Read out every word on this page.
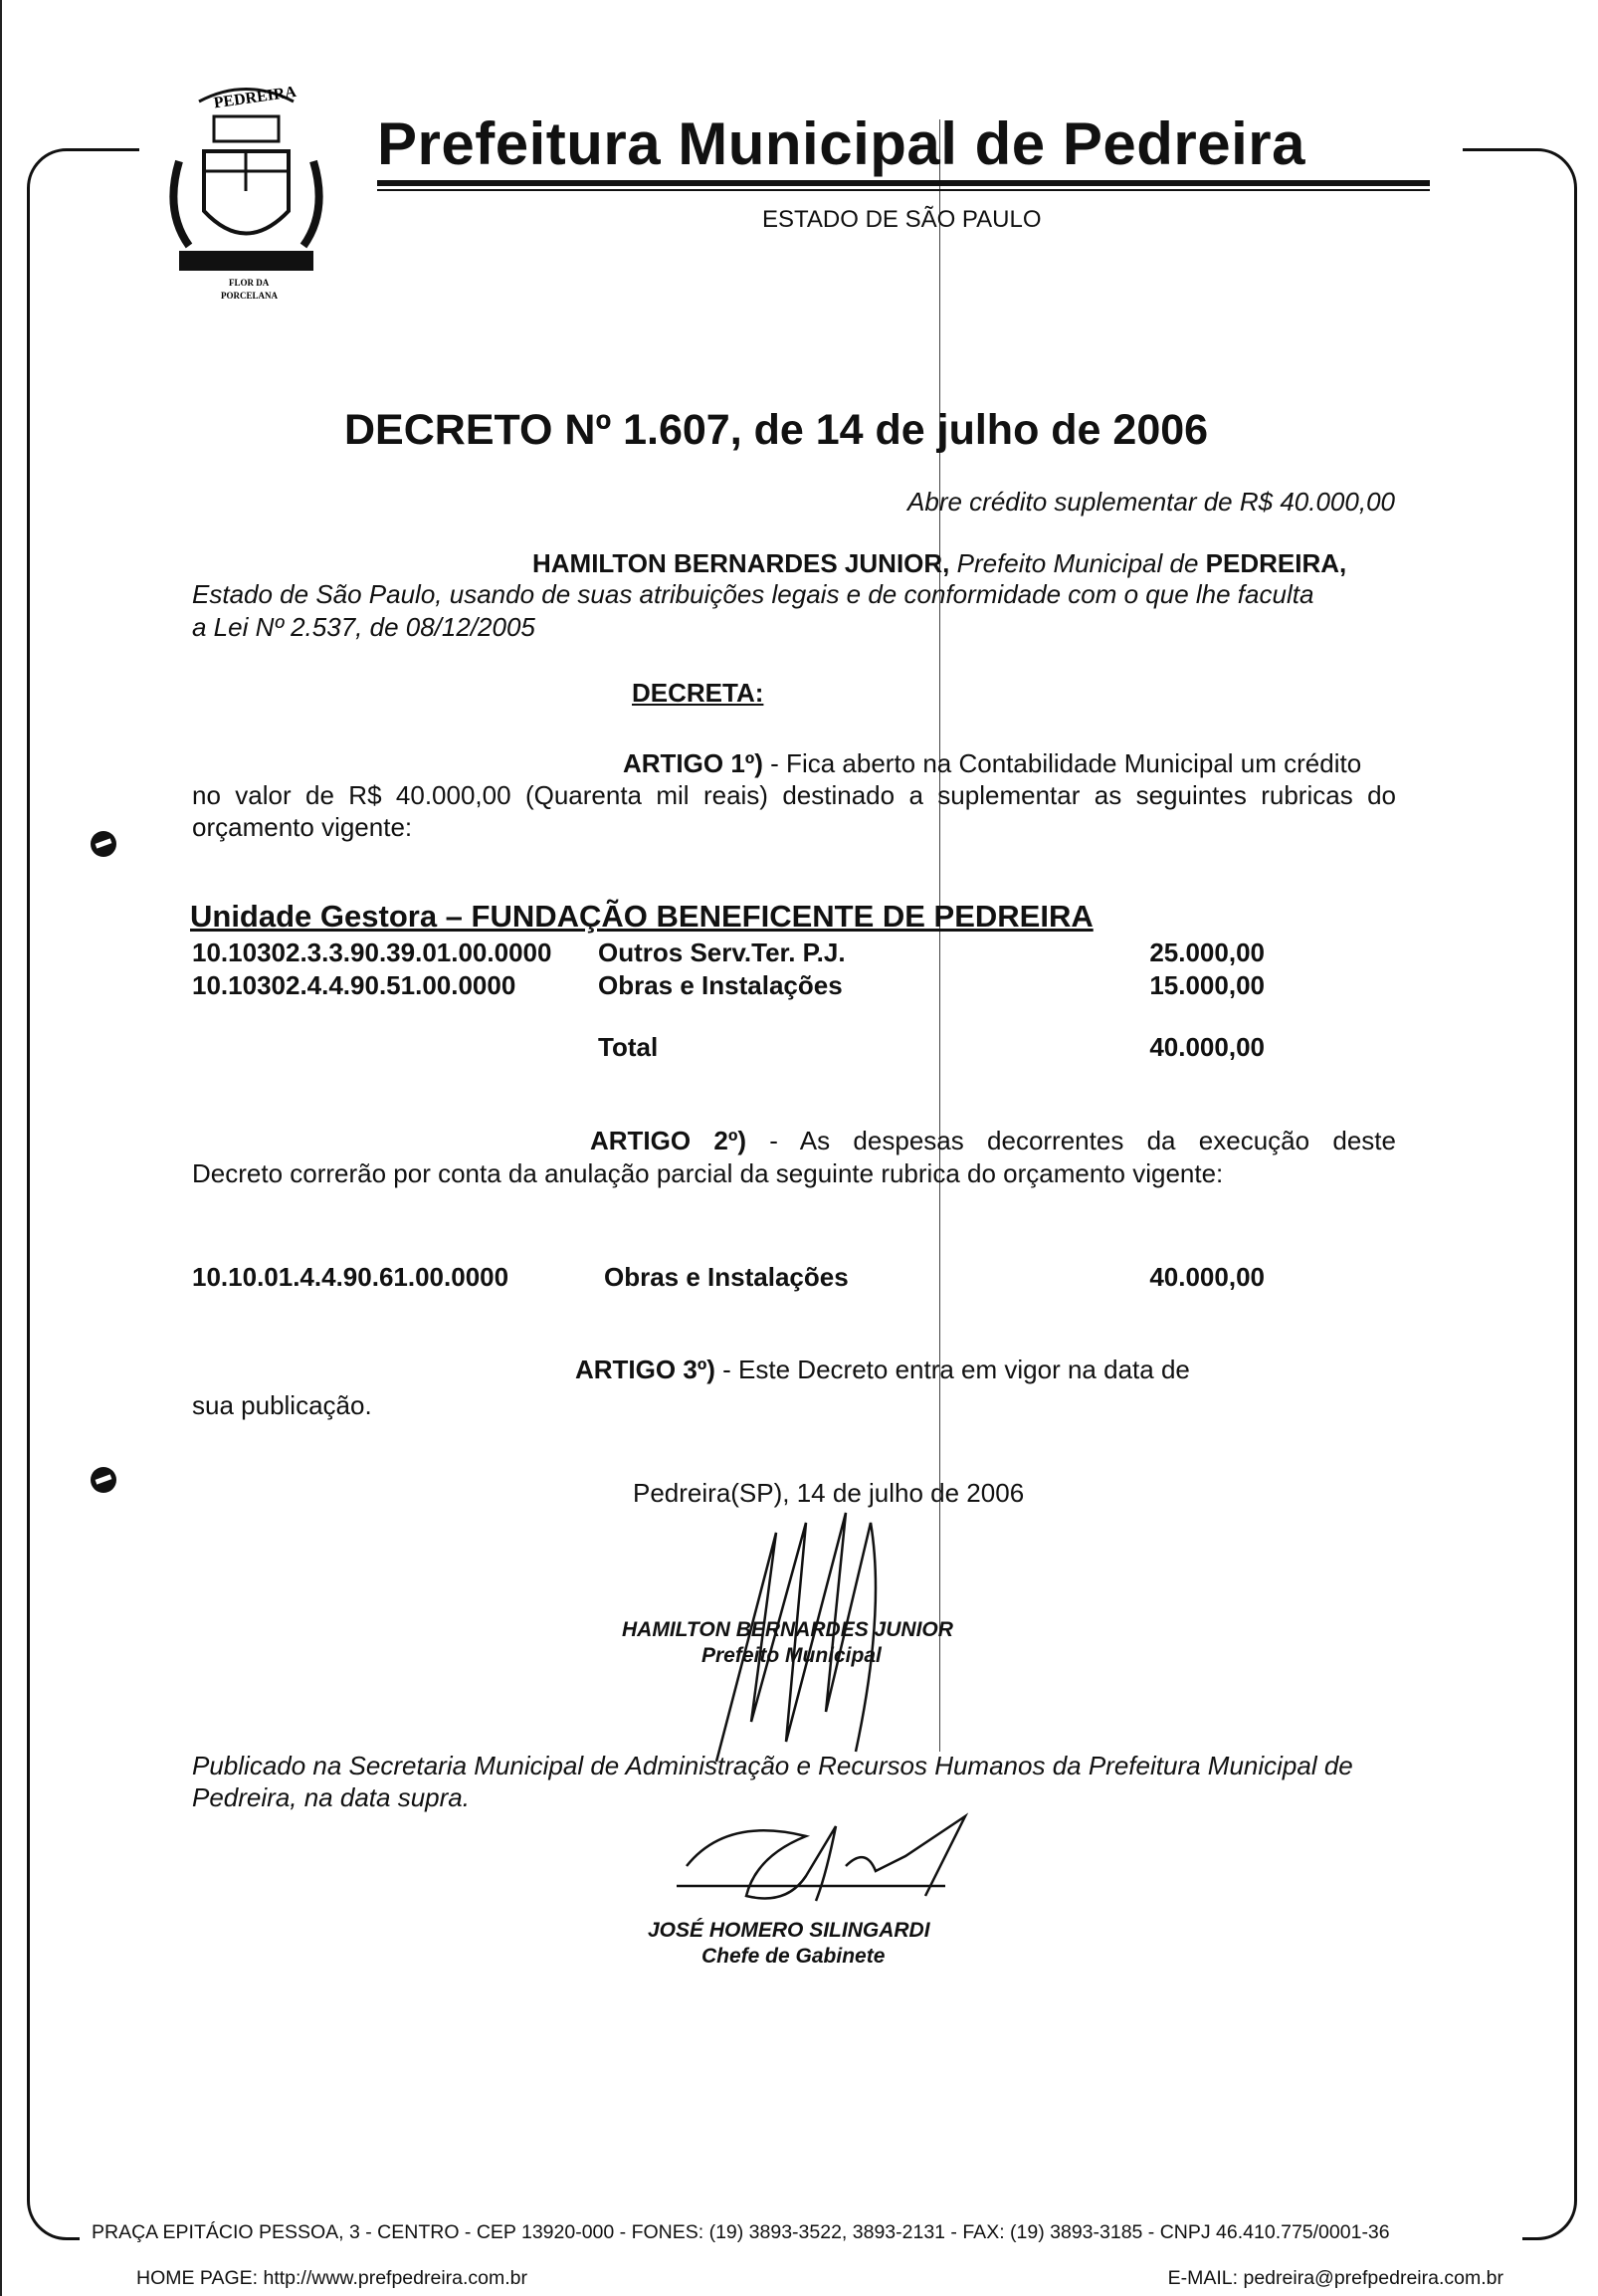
PEDREIRA
FLOR DA
PORCELANA
Prefeitura Municipal de Pedreira
ESTADO DE SÃO PAULO
DECRETO Nº 1.607, de 14 de julho de 2006
Abre crédito suplementar de R$ 40.000,00
HAMILTON BERNARDES JUNIOR, Prefeito Municipal de PEDREIRA,
Estado de São Paulo, usando de suas atribuições legais e de conformidade com o que lhe faculta
a Lei Nº 2.537, de 08/12/2005
DECRETA:
ARTIGO 1º) - Fica aberto na Contabilidade Municipal um crédito
no valor de R$ 40.000,00 (Quarenta mil reais) destinado a suplementar as seguintes rubricas do
orçamento vigente:
Unidade Gestora – FUNDAÇÃO BENEFICENTE DE PEDREIRA
10.10302.3.3.90.39.01.00.0000 Outros Serv.Ter. P.J.	25.000,00
10.10302.4.4.90.51.00.0000	Obras e Instalações	15.000,00
Total	40.000,00
ARTIGO 2º) - As despesas decorrentes da execução deste
Decreto correrão por conta da anulação parcial da seguinte rubrica do orçamento vigente:
10.10.01.4.4.90.61.00.0000	Obras e Instalações	40.000,00
ARTIGO 3º) - Este Decreto entra em vigor na data de
sua publicação.
Pedreira(SP), 14 de julho de 2006
HAMILTON BERNARDES JUNIOR
Prefeito Municipal
Publicado na Secretaria Municipal de Administração e Recursos Humanos da Prefeitura Municipal de
Pedreira, na data supra.
JOSÉ HOMERO SILINGARDI
Chefe de Gabinete
PRAÇA EPITÁCIO PESSOA, 3 - CENTRO - CEP 13920-000 - FONES: (19) 3893-3522, 3893-2131 - FAX: (19) 3893-3185 - CNPJ 46.410.775/0001-36
HOME PAGE: http://www.prefpedreira.com.br	E-MAIL: pedreira@prefpedreira.com.br
